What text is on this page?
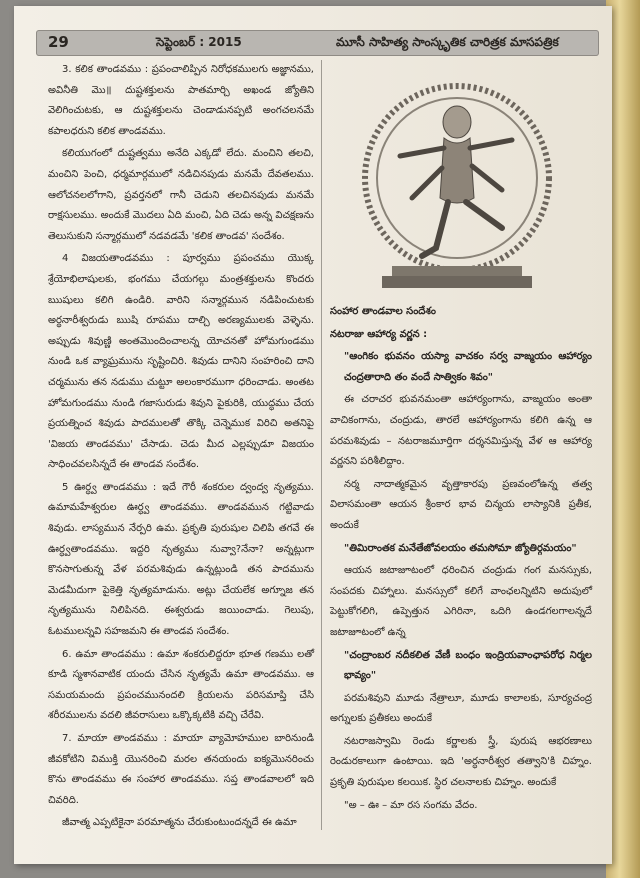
29	సెప్టెంబర్ : 2015	మూసీ సాహిత్య సాంస్కృతిక చారిత్రక మాసపత్రిక

3. కలిక తాండవము : ప్రపంచాలిప్పిన నిరోధకములగు అజ్ఞానము, అవినీతి మొ॥ దుష్టశక్తులను పాతమార్చి అఖండ జ్యోతిని వెలిగించుటకు, ఆ దుష్టశక్తులను చెండాడునప్పటి అంగచలనమే కపాలధరుని కలిక తాండవము.

కలియుగంలో దుష్టత్వము అనేది ఎక్కడో లేదు. మంచిని తలచి, మంచిని పెంచి, ధర్మమార్గములో నడిచినపుడు మనమే దేవతలము. ఆలోచనలలోగాని, ప్రవర్తనలో గానీ చెడుని తలచినపుడు మనమే రాక్షసులము. అందుకే మొదలు ఏది మంచి, ఏది చెడు అన్న విచక్షణను తెలుసుకుని సన్మార్గములో నడవడమే 'కలిక తాండవ' సందేశం.

4 విజయతాండవము : పూర్వము ప్రపంచము యొక్క శ్రేయోభిలాషులకు, భంగము చేయగల్గు మంత్రశక్తులను కొందరు ఋషులు కలిగి ఉండిరి. వారిని సన్మార్గమున నడిపించుటకు అర్థనారీశ్వరుడు ఋషి రూపము దాల్చి అరణ్యములకు వెళ్ళెను. అప్పుడు శివుణ్ణి అంతమొందించాలన్న యోచనతో హోమగుండము నుండి ఒక వ్యాఘ్రమును సృష్టించిరి. శివుడు దానిని సంహరించి దాని చర్మమును తన నడుము చుట్టూ అలంకారముగా ధరించాడు. అంతట హోమగుండము నుండి గజాసురుడు శివుని పైకురికి, యుద్ధము చేయ ప్రయత్నించ శివుడు పాదములతో తొక్కి చెన్నెముక విరిచి అతనిపై 'విజయ తాండవము' చేసాడు. చెడు మీద ఎల్లప్పుడూ విజయం సాధించవలసిన్నదే ఈ తాండవ సందేశం.

5 ఊర్ధ్వ తాండవము : ఇదే గౌరీ శంకరుల ద్వంద్వ నృత్యము. ఉమామహేశ్వరుల ఊర్ధ్వ తాండవము. తాండవమున గట్టివాడు శివుడు. లాస్యమున నేర్పరి ఉమ. ప్రకృతి పురుషుల చిలిపి తగవే ఈ ఊర్ధ్వతాండవము. ఇద్దరి నృత్యము నువ్వా?నేనా? అన్నట్లుగా కొనసాగుతున్న వేళ పరమశివుడు ఉన్నట్లుండి తన పాదమును మెడమీదుగా పైకెత్తి నృత్యమాడును. అట్లు చేయలేక అగ్నూజ తన నృత్యమును నిలిపినది. ఈశ్వరుడు జయించాడు. గెలుపు, ఓటములన్నవి సహజమని ఈ తాండవ సందేశం.

6. ఉమా తాండవము : ఉమా శంకరులిద్దరూ భూత గణము లతో కూడి స్మశానవాటిక యందు చేసిన నృత్యమే ఉమా తాండవము. ఆ సమయమందు ప్రపంచమునందలి క్రియలను పరిసమాప్తి చేసి శరీరములను వదలి జీవరాసులు ఒక్కొక్కటికి వచ్చి చేరేవి.

7. మాయా తాండవము : మాయా వ్యామోహముల బారినుండి జీవకోటిని విముక్తి యొనరించి మరల తనయందు ఐక్యమొనరించు కొను తాండవము ఈ సంహార తాండవము. సప్త తాండవాలలో ఇది చివరిది.

జీవాత్మ ఎప్పటికైనా పరమాత్మను చేరుకుంటుందన్నదే ఈ ఉమా

సంహార తాండవాల సందేశం

నటరాజు ఆహార్య వర్ణన :

"ఆంగికం భువనం యస్యా వాచకం సర్వ వాఙ్మయం ఆహార్యం చంద్రతారాది తం వందే సాత్వికం శివం"

ఈ చరాచర భువనమంతా ఆహార్యంగాను, వాఙ్మయం అంతా వాచికంగాను, చంద్రుడు, తారలే ఆహార్యంగాను కలిగి ఉన్న ఆ పరమశివుడు – నటరాజమూర్తిగా దర్శనమిస్తున్న వేళ ఆ ఆహార్య వర్ణనని పరిశీలిద్దాం.

నర్మ నాదాత్మకమైన వృత్తాకారపు ప్రణవంలోఉన్న తత్వ విలాసమంతా ఆయన శ్రీంకార భావ చిన్మయ లాస్యానికి ప్రతీక, అందుకే

"తిమిరాంతక మనేతేజోవలయం తమసోమా జ్యోతిర్గమయం"

ఆయన జటాజూటంలో ధరించిన చంద్రుడు గంగ మనస్సుకు, సంపదకు చిహ్నాలు. మనస్సులో కలిగే వాంఛలన్నిటిని అదుపులో పెట్టుకోగలిగి, ఉప్పెత్తున ఎగిరినా, ఒదిగి ఉండగలగాలన్నదే జటాజూటంలో ఉన్న

"చంద్రాంబర నదీకలిత వేణీ బంధం ఇంద్రియవాంఛాపరోధ నిర్మల భావ్యం"

పరమశివుని మూడు నేత్రాలూ, మూడు కాలాలకు, సూర్యచంద్ర అగ్నులకు ప్రతీకలు అందుకే

నటరాజస్వామి రెండు కర్ణాలకు స్త్రీ, పురుష ఆభరణాలు రెండురకాలుగా ఉంటాయి. ఇది 'అర్ధనారీశ్వర తత్వాని'కి చిహ్నం. ప్రకృతి పురుషుల కలయిక. స్థిర చలనాలకు చిహ్నం. అందుకే

"అ – ఊ – మా రస సంగమ వేదం.
